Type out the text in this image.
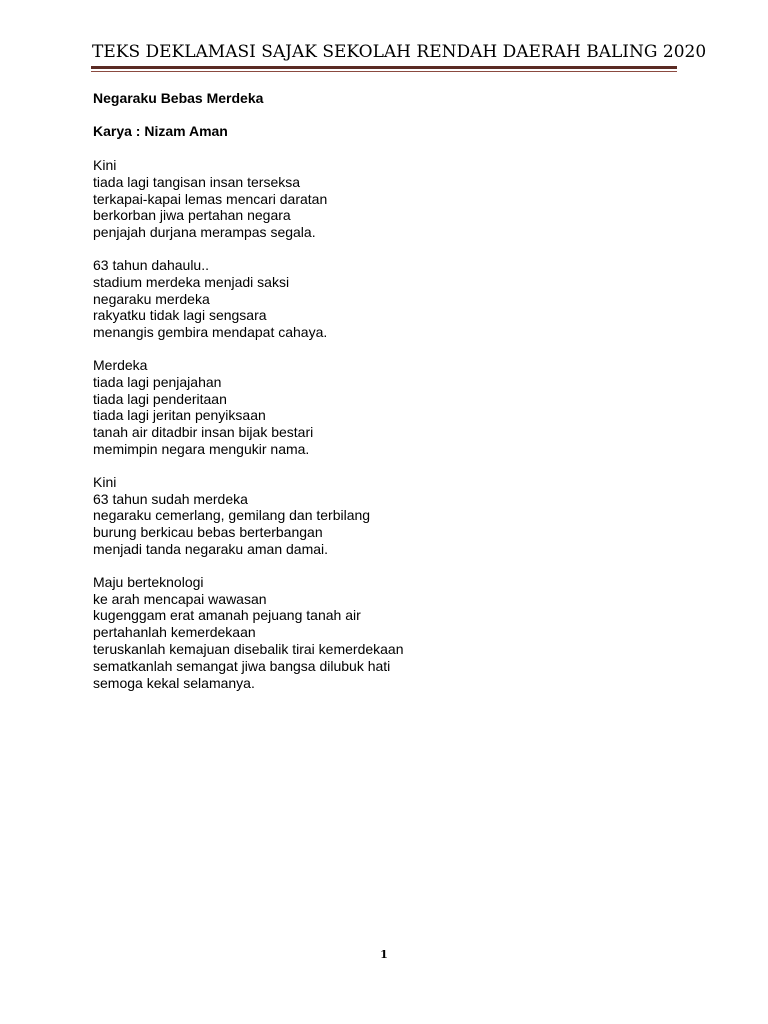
TEKS DEKLAMASI SAJAK SEKOLAH RENDAH DAERAH BALING 2020
Negaraku Bebas Merdeka
Karya : Nizam Aman
Kini
tiada lagi tangisan insan terseksa
terkapai-kapai lemas mencari daratan
berkorban jiwa pertahan negara
penjajah durjana merampas segala.
63 tahun dahaulu..
stadium merdeka menjadi saksi
negaraku merdeka
rakyatku tidak lagi sengsara
menangis gembira mendapat cahaya.
Merdeka
tiada lagi penjajahan
tiada lagi penderitaan
tiada lagi jeritan penyiksaan
tanah air ditadbir insan bijak bestari
memimpin negara mengukir nama.
Kini
63 tahun sudah merdeka
negaraku cemerlang, gemilang dan terbilang
burung berkicau bebas berterbangan
menjadi tanda negaraku aman damai.
Maju berteknologi
ke arah mencapai wawasan
kugenggam erat amanah pejuang tanah air
pertahanlah kemerdekaan
teruskanlah kemajuan disebalik tirai kemerdekaan
sematkanlah semangat jiwa bangsa dilubuk hati
semoga kekal selamanya.
1
